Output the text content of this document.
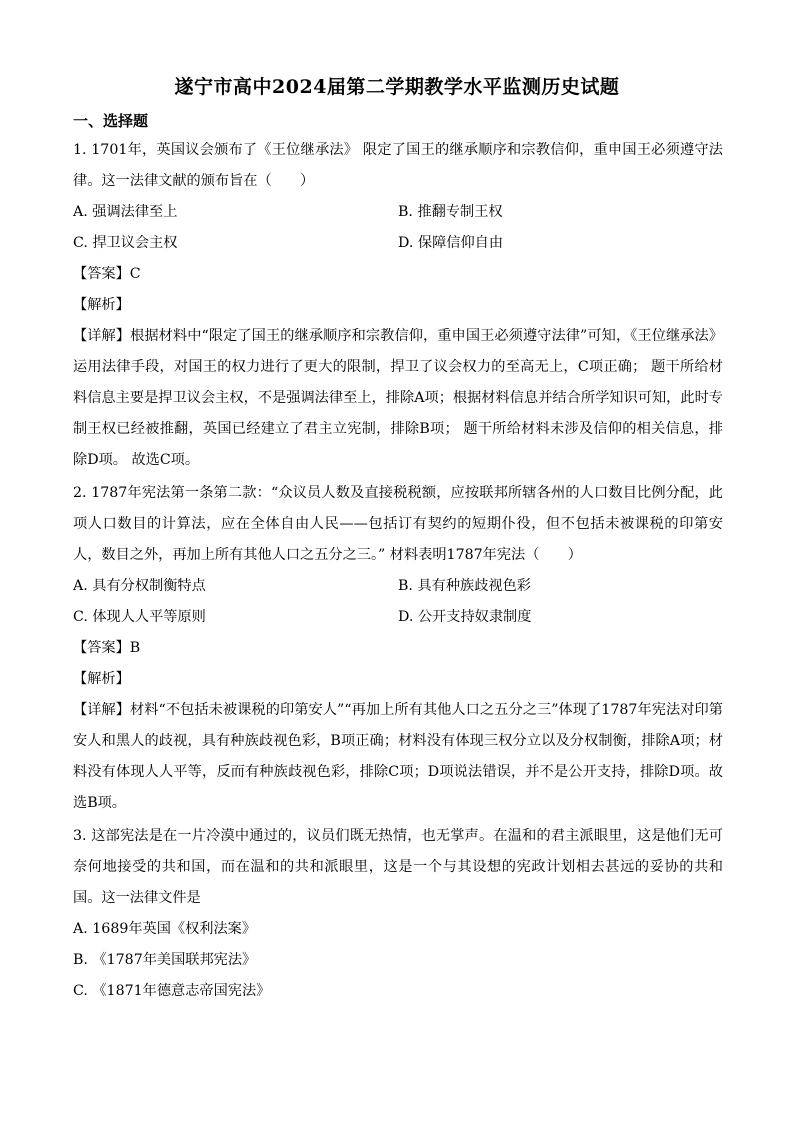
遂宁市高中2024届第二学期教学水平监测历史试题
一、选择题
1. 1701年，英国议会颁布了《王位继承法》 限定了国王的继承顺序和宗教信仰，重申国王必须遵守法律。这一法律文献的颁布旨在（　　）
A. 强调法律至上	B. 推翻专制王权
C. 捍卫议会主权	D. 保障信仰自由
【答案】C
【解析】
【详解】根据材料中“限定了国王的继承顺序和宗教信仰，重申国王必须遵守法律”可知，《王位继承法》运用法律手段，对国王的权力进行了更大的限制，捍卫了议会权力的至高无上，C项正确； 题干所给材料信息主要是捍卫议会主权，不是强调法律至上，排除A项；根据材料信息并结合所学知识可知，此时专制王权已经被推翻，英国已经建立了君主立宪制，排除B项； 题干所给材料未涉及信仰的相关信息，排除D项。 故选C项。
2. 1787年宪法第一条第二款：“众议员人数及直接税税额，应按联邦所辖各州的人口数目比例分配，此项人口数目的计算法，应在全体自由人民——包括订有契约的短期仆役，但不包括未被课税的印第安人，数目之外，再加上所有其他人口之五分之三。” 材料表明1787年宪法（　　）
A. 具有分权制衡特点	B. 具有种族歧视色彩
C. 体现人人平等原则	D. 公开支持奴隶制度
【答案】B
【解析】
【详解】材料“不包括未被课税的印第安人”“再加上所有其他人口之五分之三”体现了1787年宪法对印第安人和黑人的歧视，具有种族歧视色彩，B项正确；材料没有体现三权分立以及分权制衡，排除A项；材料没有体现人人平等，反而有种族歧视色彩，排除C项；D项说法错误，并不是公开支持，排除D项。故选B项。
3. 这部宪法是在一片冷漠中通过的，议员们既无热情，也无掌声。在温和的君主派眼里，这是他们无可奈何地接受的共和国，而在温和的共和派眼里，这是一个与其设想的宪政计划相去甚远的妥协的共和国。这一法律文件是
A. 1689年英国《权利法案》
B. 《1787年美国联邦宪法》
C. 《1871年德意志帝国宪法》
